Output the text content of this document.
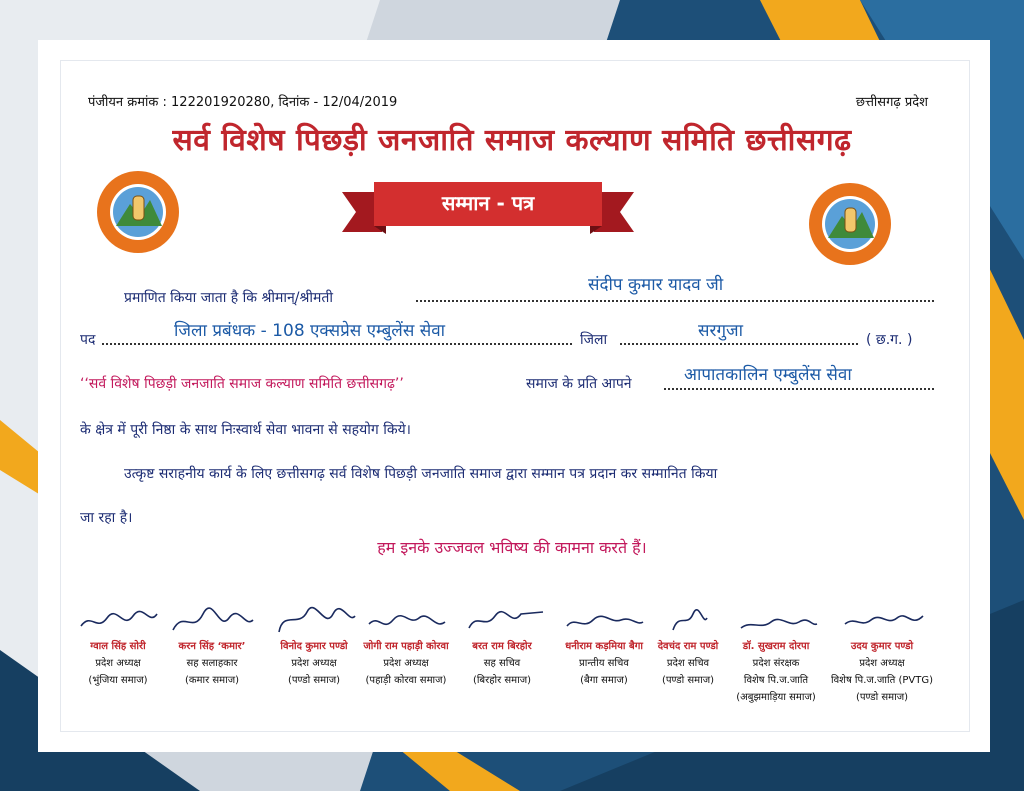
पंजीयन क्रमांक : 122201920280, दिनांक - 12/04/2019	छत्तीसगढ़ प्रदेश
सर्व विशेष पिछड़ी जनजाति समाज कल्याण समिति छत्तीसगढ़
सम्मान - पत्र
प्रमाणित किया जाता है कि श्रीमान्/श्रीमती
संदीप कुमार यादव जी
पद	जिला प्रबंधक - 108 एक्सप्रेस एम्बुलेंस सेवा	जिला	सरगुजा	( छ.ग. )
‘‘सर्व विशेष पिछड़ी जनजाति समाज कल्याण समिति छत्तीसगढ़’’	समाज के प्रति आपने	आपातकालिन एम्बुलेंस सेवा
के क्षेत्र में पूरी निष्ठा के साथ निःस्वार्थ सेवा भावना से सहयोग किये।
उत्कृष्ट सराहनीय कार्य के लिए छत्तीसगढ़ सर्व विशेष पिछड़ी जनजाति समाज द्वारा सम्मान पत्र प्रदान कर सम्मानित किया
जा रहा है।
हम इनके उज्जवल भविष्य की कामना करते हैं।
ग्वाल सिंह सोरी
प्रदेश अध्यक्ष
(भुंजिया समाज)
करन सिंह ‘कमार’
सह सलाहकार
(कमार समाज)
विनोद कुमार पण्डो
प्रदेश अध्यक्ष
(पण्डो समाज)
जोगी राम पहाड़ी कोरवा
प्रदेश अध्यक्ष
(पहाड़ी कोरवा समाज)
बरत राम बिरहोर
सह सचिव
(बिरहोर समाज)
धनीराम कड़मिया बैगा
प्रान्तीय सचिव
(बैगा समाज)
देवचंद राम पण्डो
प्रदेश सचिव
(पण्डो समाज)
डॉ. सुखराम दोरपा
प्रदेश संरक्षक
विशेष पि.ज.जाति
(अबुझमाड़िया समाज)
उदय कुमार पण्डो
प्रदेश अध्यक्ष
विशेष पि.ज.जाति (PVTG)
(पण्डो समाज)
